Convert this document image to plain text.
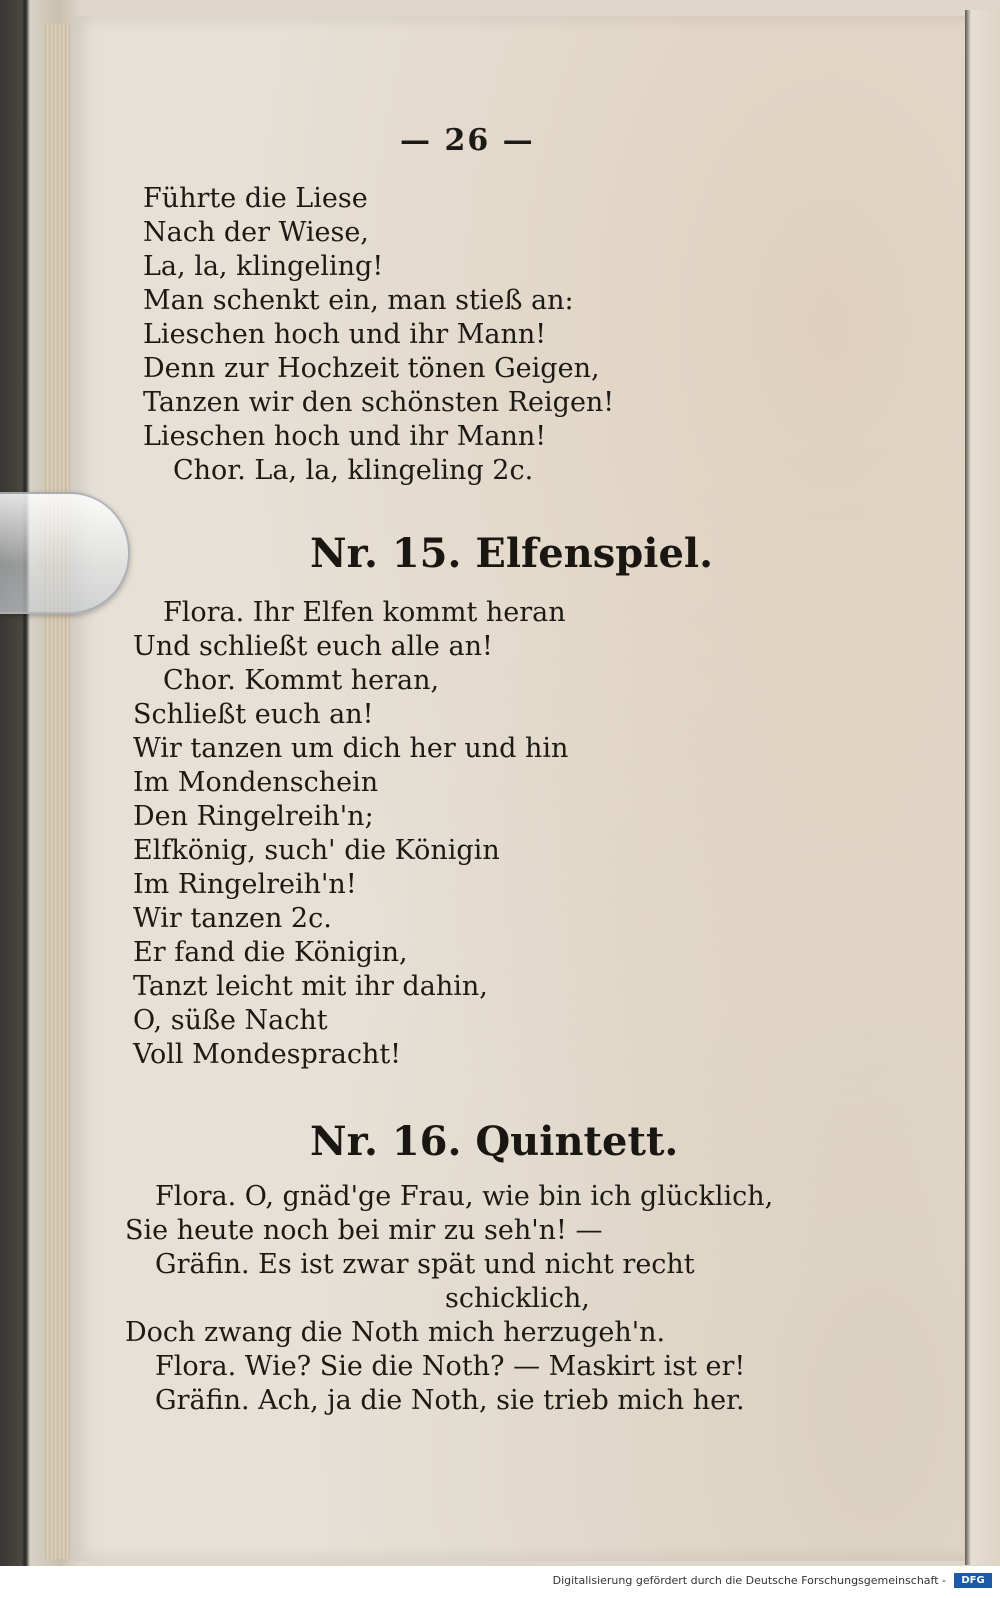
— 26 —
Führte die Liese
Nach der Wiese,
La, la, klingeling!
Man schenkt ein, man stieß an:
Lieschen hoch und ihr Mann!
Denn zur Hochzeit tönen Geigen,
Tanzen wir den schönsten Reigen!
Lieschen hoch und ihr Mann!
Chor. La, la, klingeling 2c.
Nr. 15. Elfenspiel.
Flora. Ihr Elfen kommt heran
Und schließt euch alle an!
Chor. Kommt heran,
Schließt euch an!
Wir tanzen um dich her und hin
Im Mondenschein
Den Ringelreih'n;
Elfkönig, such' die Königin
Im Ringelreih'n!
Wir tanzen 2c.
Er fand die Königin,
Tanzt leicht mit ihr dahin,
O, süße Nacht
Voll Mondespracht!
Nr. 16. Quintett.
Flora. O, gnäd'ge Frau, wie bin ich glücklich,
Sie heute noch bei mir zu seh'n! —
Gräfin. Es ist zwar spät und nicht recht
schicklich,
Doch zwang die Noth mich herzugeh'n.
Flora. Wie? Sie die Noth? — Maskirt ist er!
Gräfin. Ach, ja die Noth, sie trieb mich her.
Digitalisierung gefördert durch die Deutsche Forschungsgemeinschaft -	DFG
